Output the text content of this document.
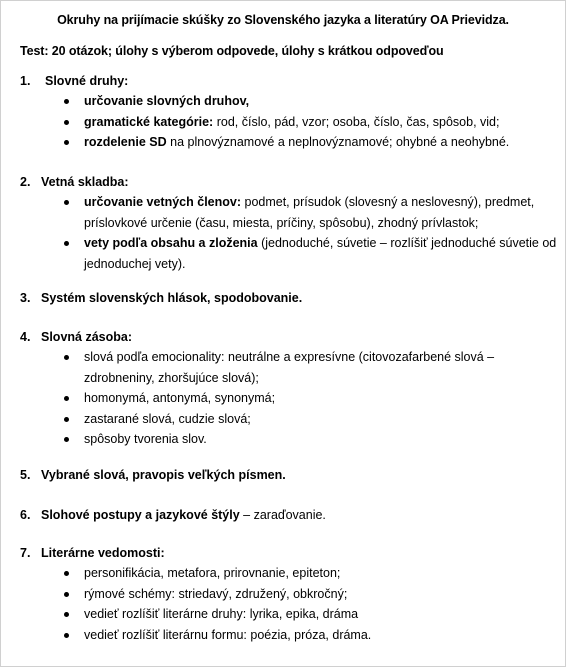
Okruhy na prijímacie skúšky zo Slovenského jazyka a literatúry OA Prievidza.
Test: 20 otázok; úlohy s výberom odpovede, úlohy s krátkou odpoveďou
1. Slovné druhy:
určovanie slovných druhov,
gramatické kategórie: rod, číslo, pád, vzor; osoba, číslo, čas, spôsob, vid;
rozdelenie SD na plnovýznamové a neplnovýznamové; ohybné a neohybné.
2. Vetná skladba:
určovanie vetných členov: podmet, prísudok (slovesný a neslovesný), predmet, príslovkové určenie (času, miesta, príčiny, spôsobu), zhodný prívlastok;
vety podľa obsahu a zloženia (jednoduché, súvetie – rozlíšiť jednoduché súvetie od jednoduchej vety).
3. Systém slovenských hlások, spodobovanie.
4. Slovná zásoba:
slová podľa emocionality: neutrálne a expresívne (citovozafarbené slová – zdrobneniny, zhoršujúce slová);
homonymá, antonymá, synonymá;
zastarané slová, cudzie slová;
spôsoby tvorenia slov.
5. Vybrané slová, pravopis veľkých písmen.
6. Slohové postupy a jazykové štýly – zaraďovanie.
7. Literárne vedomosti:
personifikácia, metafora, prirovnanie, epiteton;
rýmové schémy: striedavý, združený, obkročný;
vedieť rozlíšiť literárne druhy: lyrika, epika, dráma
vedieť rozlíšiť literárnu formu: poézia, próza, dráma.
